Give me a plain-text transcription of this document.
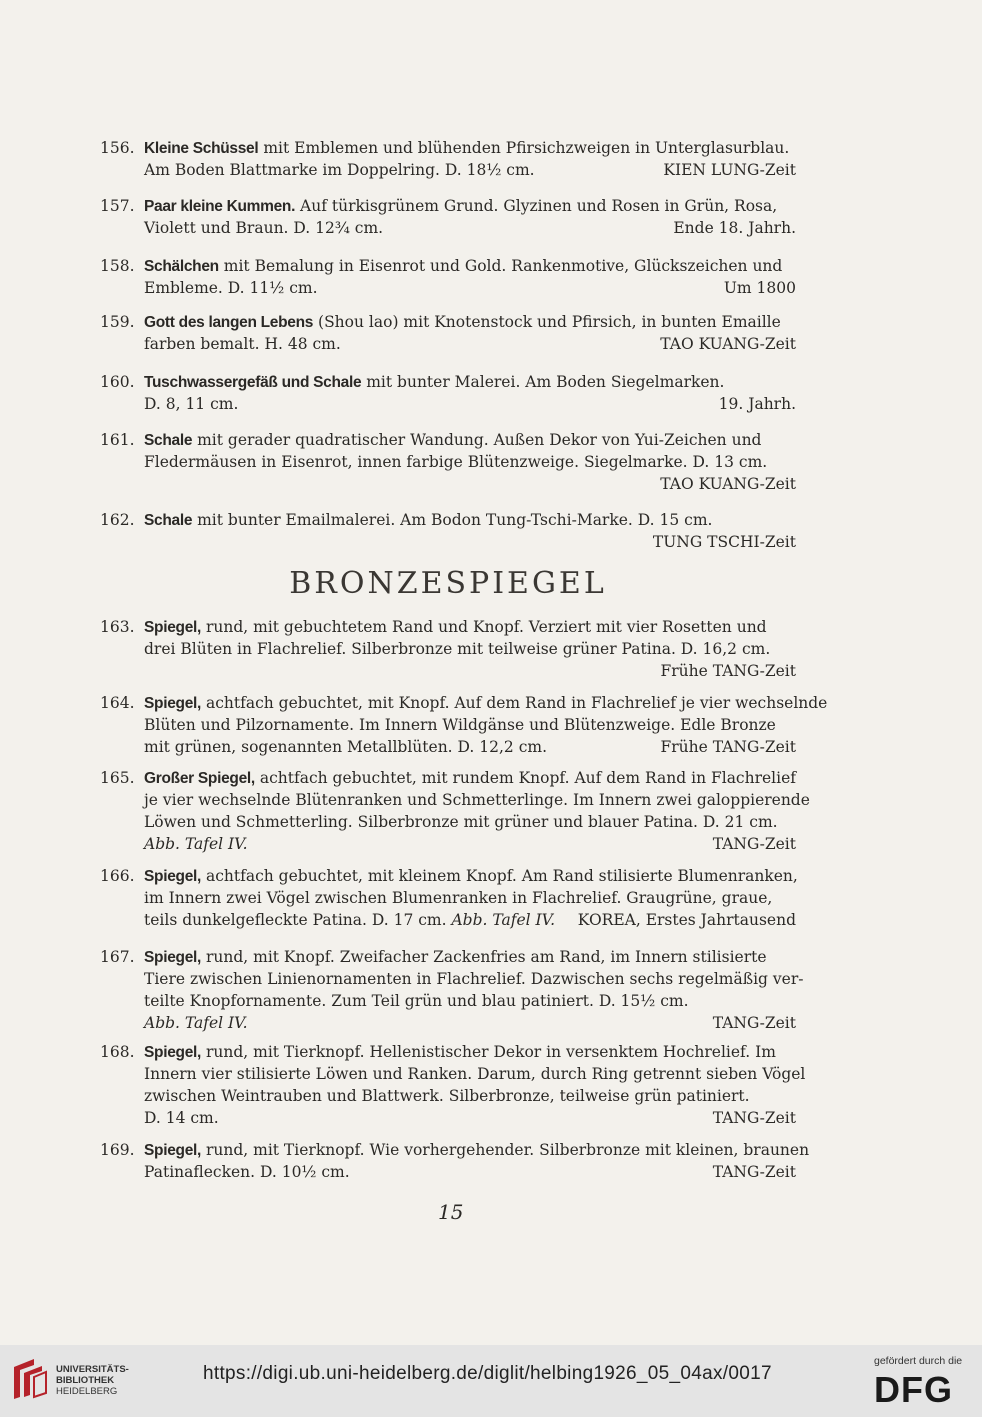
156. Kleine Schüssel mit Emblemen und blühenden Pfirsichzweigen in Unterglasurblau.
Am Boden Blattmarke im Doppelring. D. 18½ cm.	KIEN LUNG-Zeit
157. Paar kleine Kummen. Auf türkisgrünem Grund. Glyzinen und Rosen in Grün, Rosa,
Violett und Braun. D. 12¾ cm.	Ende 18. Jahrh.
158. Schälchen mit Bemalung in Eisenrot und Gold. Rankenmotive, Glückszeichen und
Embleme. D. 11½ cm.	Um 1800
159. Gott des langen Lebens (Shou lao) mit Knotenstock und Pfirsich, in bunten Emaille
farben bemalt. H. 48 cm.	TAO KUANG-Zeit
160. Tuschwassergefäß und Schale mit bunter Malerei. Am Boden Siegelmarken.
D. 8, 11 cm.	19. Jahrh.
161. Schale mit gerader quadratischer Wandung. Außen Dekor von Yui-Zeichen und
Fledermäusen in Eisenrot, innen farbige Blütenzweige. Siegelmarke. D. 13 cm.
TAO KUANG-Zeit
162. Schale mit bunter Emailmalerei. Am Bodon Tung-Tschi-Marke. D. 15 cm.
TUNG TSCHI-Zeit
163. Spiegel, rund, mit gebuchtetem Rand und Knopf. Verziert mit vier Rosetten und
drei Blüten in Flachrelief. Silberbronze mit teilweise grüner Patina. D. 16,2 cm.
Frühe TANG-Zeit
164. Spiegel, achtfach gebuchtet, mit Knopf. Auf dem Rand in Flachrelief je vier wechselnde
Blüten und Pilzornamente. Im Innern Wildgänse und Blütenzweige. Edle Bronze
mit grünen, sogenannten Metallblüten. D. 12,2 cm.	Frühe TANG-Zeit
165. Großer Spiegel, achtfach gebuchtet, mit rundem Knopf. Auf dem Rand in Flachrelief
je vier wechselnde Blütenranken und Schmetterlinge. Im Innern zwei galoppierende
Löwen und Schmetterling. Silberbronze mit grüner und blauer Patina. D. 21 cm.
Abb. Tafel IV.	TANG-Zeit
166. Spiegel, achtfach gebuchtet, mit kleinem Knopf. Am Rand stilisierte Blumenranken,
im Innern zwei Vögel zwischen Blumenranken in Flachrelief. Graugrüne, graue,
teils dunkelgefleckte Patina. D. 17 cm. Abb. Tafel IV. KOREA, Erstes Jahrtausend
167. Spiegel, rund, mit Knopf. Zweifacher Zackenfries am Rand, im Innern stilisierte
Tiere zwischen Linienornamenten in Flachrelief. Dazwischen sechs regelmäßig ver-
teilte Knopfornamente. Zum Teil grün und blau patiniert. D. 15½ cm.
Abb. Tafel IV.	TANG-Zeit
168. Spiegel, rund, mit Tierknopf. Hellenistischer Dekor in versenktem Hochrelief. Im
Innern vier stilisierte Löwen und Ranken. Darum, durch Ring getrennt sieben Vögel
zwischen Weintrauben und Blattwerk. Silberbronze, teilweise grün patiniert.
D. 14 cm.	TANG-Zeit
169. Spiegel, rund, mit Tierknopf. Wie vorhergehender. Silberbronze mit kleinen, braunen
Patinaflecken. D. 10½ cm.	TANG-Zeit
BRONZESPIEGEL
15
UNIVERSITÄTS-
BIBLIOTHEK
HEIDELBERG
https://digi.ub.uni-heidelberg.de/diglit/helbing1926_05_04ax/0017
gefördert durch die
DFG
